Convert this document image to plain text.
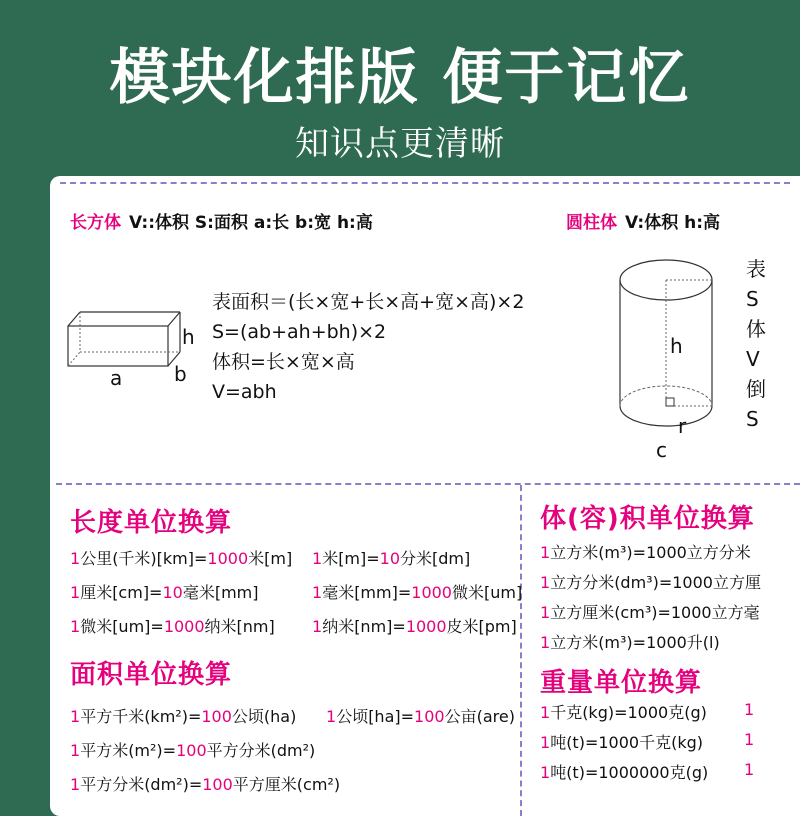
模块化排版 便于记忆
知识点更清晰
长方体 V::体积 S:面积 a:长 b:宽 h:高
h
a	b
表面积＝(长×宽+长×高+宽×高)×2
S=(ab+ah+bh)×2
体积=长×宽×高
V=abh
圆柱体 V:体积 h:高
h
r
c
表
S
体
V
倒
S
长度单位换算
1公里(千米)[km]=1000米[m] 1米[m]=10分米[dm]
1厘米[cm]=10毫米[mm]	1毫米[mm]=1000微米[um]
1微米[um]=1000纳米[nm] 1纳米[nm]=1000皮米[pm]
面积单位换算
1平方千米(km²)=100公顷(ha) 1公顷[ha]=100公亩(are)
1平方米(m²)=100平方分米(dm²)
1平方分米(dm²)=100平方厘米(cm²)
体(容)积单位换算
1立方米(m³)=1000立方分米
1立方分米(dm³)=1000立方厘
1立方厘米(cm³)=1000立方毫
1立方米(m³)=1000升(l)
重量单位换算
1千克(kg)=1000克(g)
1吨(t)=1000千克(kg)
1吨(t)=1000000克(g)
1
1
1
